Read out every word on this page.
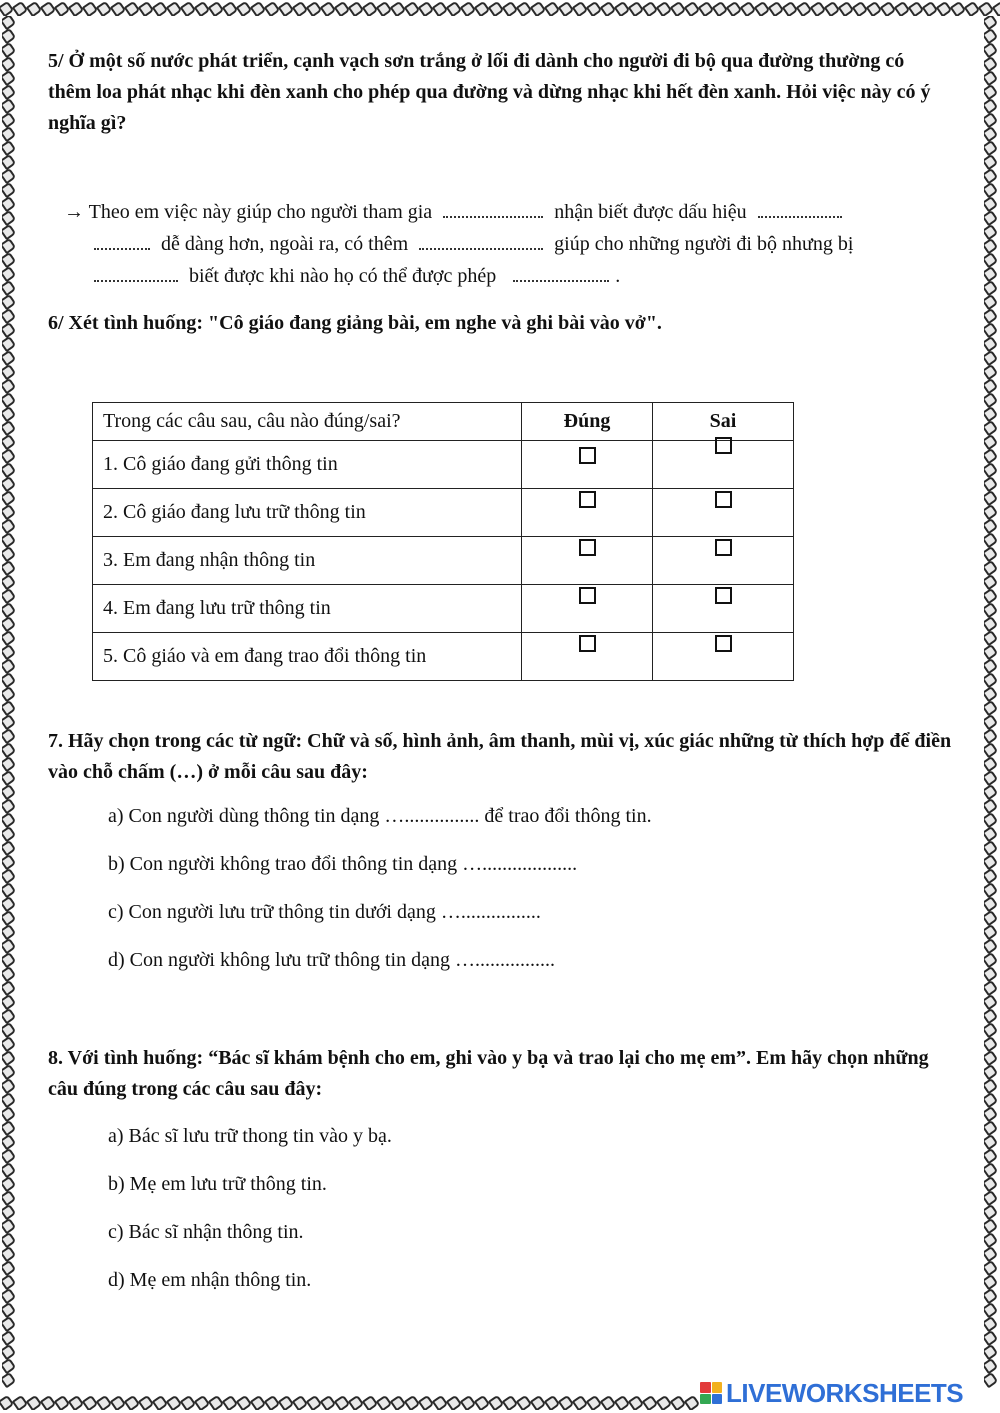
5/ Ở một số nước phát triển, cạnh vạch sơn trắng ở lối đi dành cho người đi bộ qua đường thường có thêm loa phát nhạc khi đèn xanh cho phép qua đường và dừng nhạc khi hết đèn xanh. Hỏi việc này có ý nghĩa gì?

→ Theo em việc này giúp cho người tham gia	nhận biết được dấu hiệu
dễ dàng hơn, ngoài ra, có thêm	giúp cho những người đi bộ nhưng bị
biết được khi nào họ có thể được phép	.

6/ Xét tình huống: "Cô giáo đang giảng bài, em nghe và ghi bài vào vở".

Trong các câu sau, câu nào đúng/sai?	Đúng	Sai
1. Cô giáo đang gửi thông tin		
2. Cô giáo đang lưu trữ thông tin		
3. Em đang nhận thông tin		
4. Em đang lưu trữ thông tin		
5. Cô giáo và em đang trao đổi thông tin		

7. Hãy chọn trong các từ ngữ: Chữ và số, hình ảnh, âm thanh, mùi vị, xúc giác những từ thích hợp để điền vào chỗ chấm (…) ở mỗi câu sau đây:

a) Con người dùng thông tin dạng …............... để trao đổi thông tin.

b) Con người không trao đổi thông tin dạng …...................

c) Con người lưu trữ thông tin dưới dạng …................

d) Con người không lưu trữ thông tin dạng …................

8. Với tình huống: “Bác sĩ khám bệnh cho em, ghi vào y bạ và trao lại cho mẹ em”. Em hãy chọn những câu đúng trong các câu sau đây:

a) Bác sĩ lưu trữ thong tin vào y bạ.

b) Mẹ em lưu trữ thông tin.

c) Bác sĩ nhận thông tin.

d) Mẹ em nhận thông tin.

LIVEWORKSHEETS
